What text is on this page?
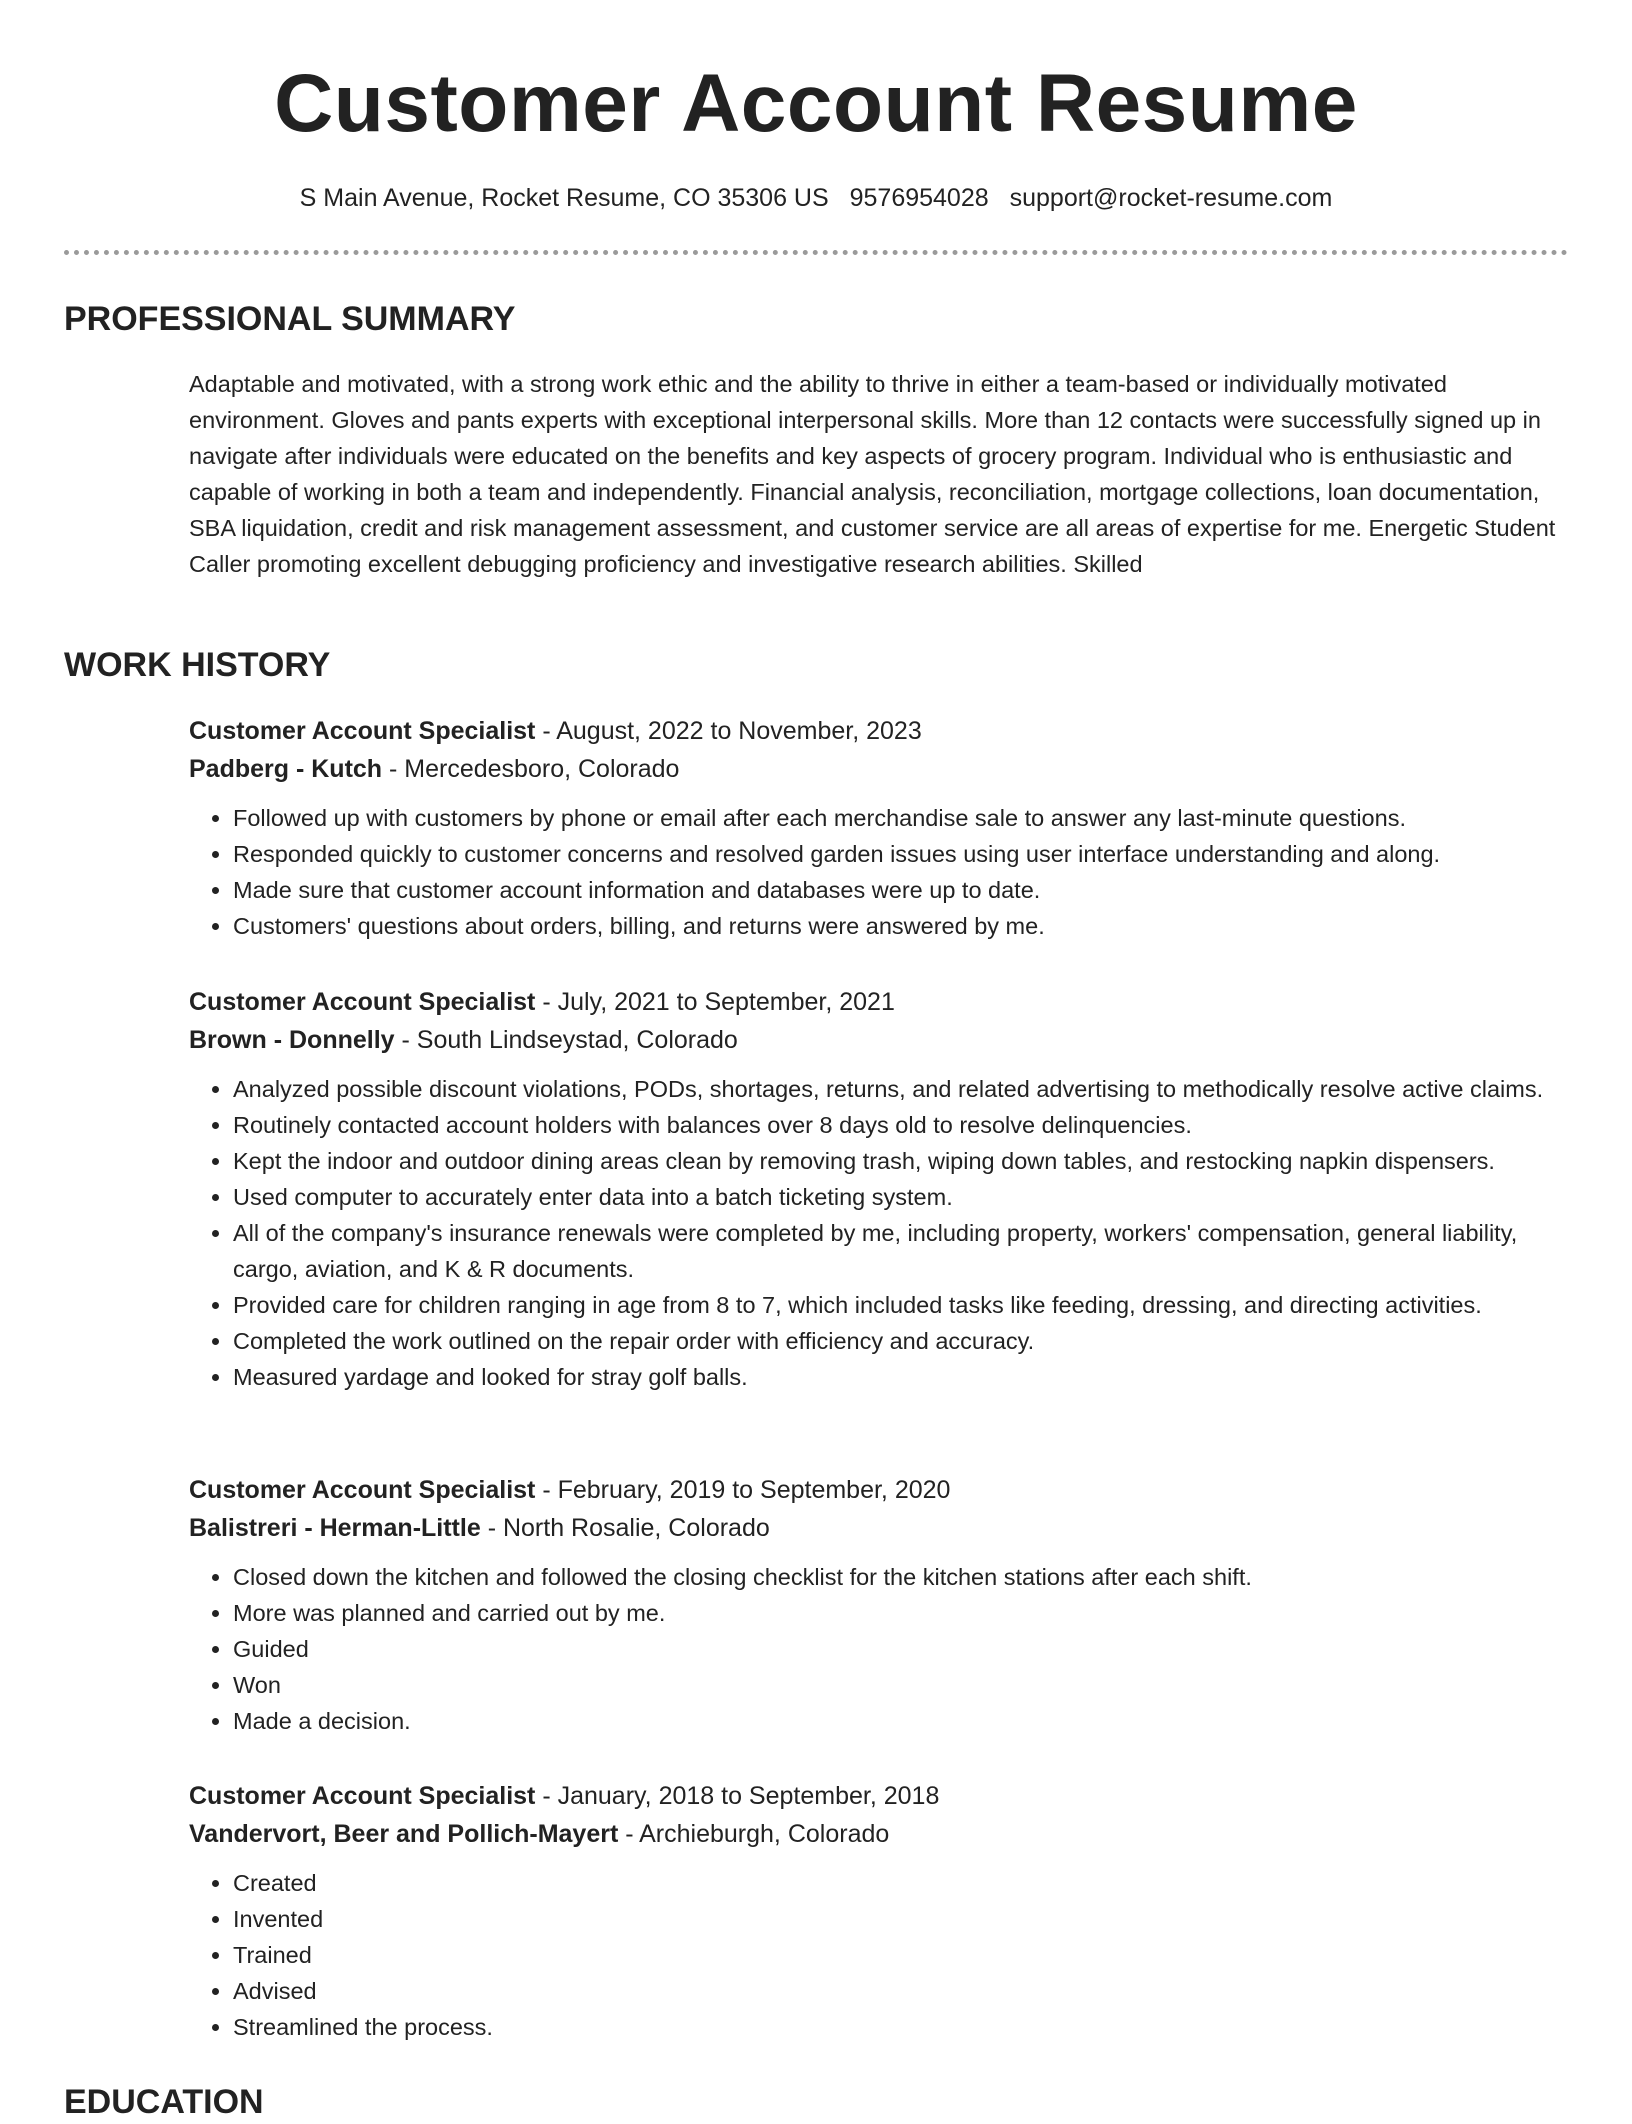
Customer Account Resume
S Main Avenue, Rocket Resume, CO 35306 US 9576954028 support@rocket-resume.com
PROFESSIONAL SUMMARY

Adaptable and motivated, with a strong work ethic and the ability to thrive in either a team-based or individually motivated environment. Gloves and pants experts with exceptional interpersonal skills. More than 12 contacts were successfully signed up in navigate after individuals were educated on the benefits and key aspects of grocery program. Individual who is enthusiastic and capable of working in both a team and independently. Financial analysis, reconciliation, mortgage collections, loan documentation, SBA liquidation, credit and risk management assessment, and customer service are all areas of expertise for me. Energetic Student Caller promoting excellent debugging proficiency and investigative research abilities. Skilled

WORK HISTORY

Customer Account Specialist - August, 2022 to November, 2023

Padberg - Kutch - Mercedesboro, Colorado

• Followed up with customers by phone or email after each merchandise sale to answer any last-minute questions.
• Responded quickly to customer concerns and resolved garden issues using user interface understanding and along.
• Made sure that customer account information and databases were up to date.
• Customers' questions about orders, billing, and returns were answered by me.

Customer Account Specialist - July, 2021 to September, 2021

Brown - Donnelly - South Lindseystad, Colorado

• Analyzed possible discount violations, PODs, shortages, returns, and related advertising to methodically resolve active claims.
• Routinely contacted account holders with balances over 8 days old to resolve delinquencies.
• Kept the indoor and outdoor dining areas clean by removing trash, wiping down tables, and restocking napkin dispensers.
• Used computer to accurately enter data into a batch ticketing system.
• All of the company's insurance renewals were completed by me, including property, workers' compensation, general liability, cargo, aviation, and K & R documents.
• Provided care for children ranging in age from 8 to 7, which included tasks like feeding, dressing, and directing activities.
• Completed the work outlined on the repair order with efficiency and accuracy.
• Measured yardage and looked for stray golf balls.

Customer Account Specialist - February, 2019 to September, 2020

Balistreri - Herman-Little - North Rosalie, Colorado

• Closed down the kitchen and followed the closing checklist for the kitchen stations after each shift.
• More was planned and carried out by me.
• Guided
• Won
• Made a decision.

Customer Account Specialist - January, 2018 to September, 2018

Vandervort, Beer and Pollich-Mayert - Archieburgh, Colorado

• Created
• Invented
• Trained
• Advised
• Streamlined the process.
EDUCATION
